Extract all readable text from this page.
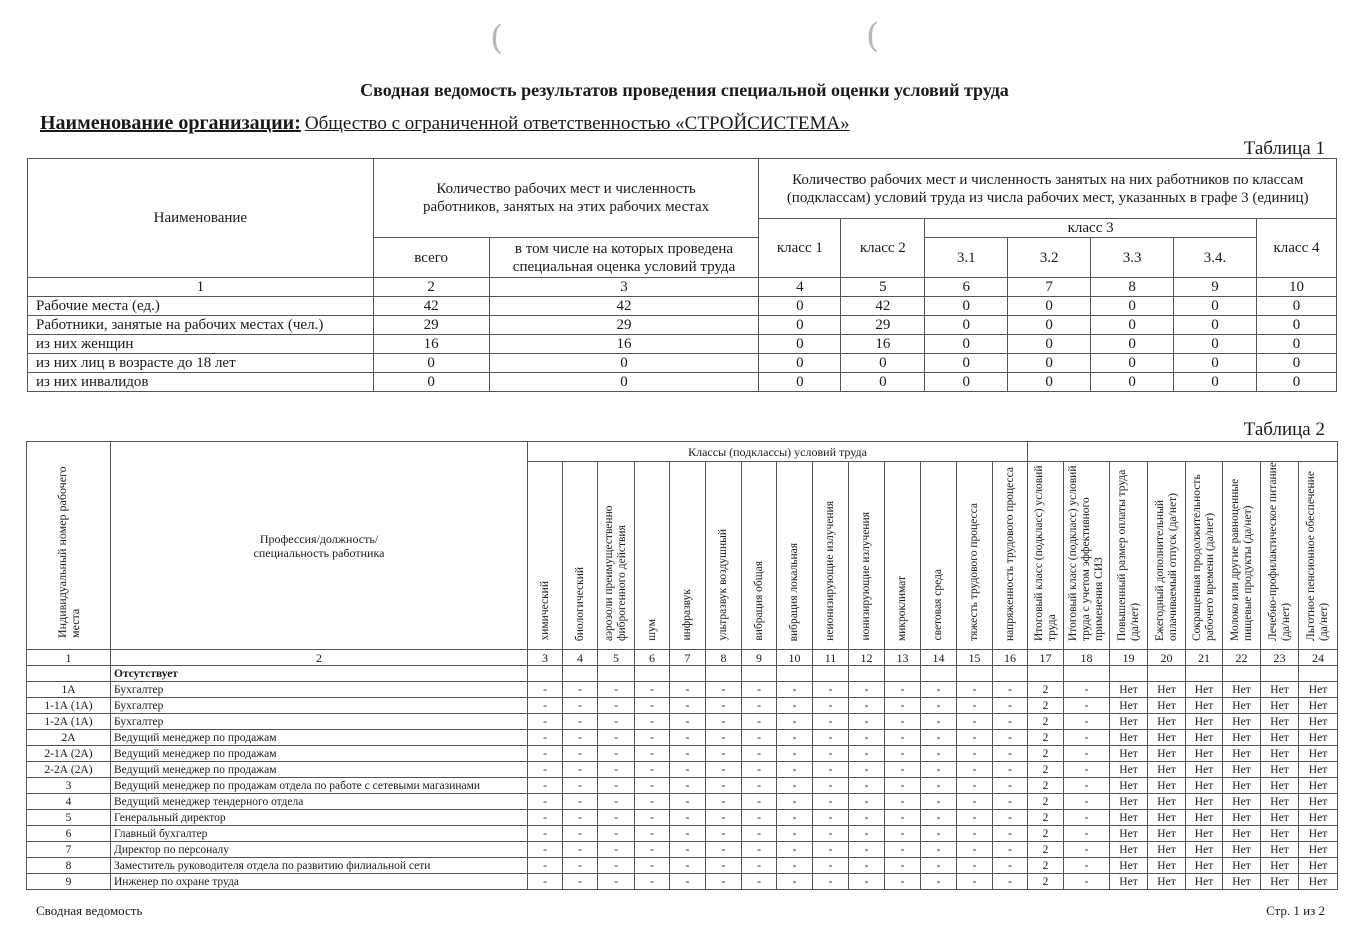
(	(
Сводная ведомость результатов проведения специальной оценки условий труда
Наименование организации: Общество с ограниченной ответственностью «СТРОЙСИСТЕМА»
Таблица 1
Наименование	Количество рабочих мест и численность работников, занятых на этих рабочих местах		Количество рабочих мест и численность занятых на них работников по классам (подклассам) условий труда из числа рабочих мест, указанных в графе 3 (единиц)						
			класс 1	класс 2	класс 3				класс 4
	всего	в том числе на которых проведена специальная оценка условий труда			3.1	3.2	3.3	3.4.	
1	2	3	4	5	6	7	8	9	10
Рабочие места (ед.)	42	42	0	42	0	0	0	0	0
Работники, занятые на рабочих местах (чел.)	29	29	0	29	0	0	0	0	0
из них женщин	16	16	0	16	0	0	0	0	0
из них лиц в возрасте до 18 лет	0	0	0	0	0	0	0	0	0
из них инвалидов	0	0	0	0	0	0	0	0	0
Таблица 2
Индивидуальный номер рабочего места	Профессия/должность/ специальность работника	Классы (подклассы) условий труда																					
		химический	биологический	аэрозоли преимущественно фиброгенного действия	шум	инфразвук	ультразвук воздушный	вибрация общая	вибрация локальная	неионизирующие излучения	ионизирующие излучения	микроклимат	световая среда	тяжесть трудового процесса	напряженность трудового процесса	Итоговый класс (подкласс) условий труда	Итоговый класс (подкласс) условий труда с учетом эффективного применения СИЗ	Повышенный размер оплаты труда (да/нет)	Ежегодный дополнительный оплачиваемый отпуск (да/нет)	Сокращенная продолжительность рабочего времени (да/нет)	Молоко или другие равноценные пищевые продукты (да/нет)	Лечебно-профилактическое питание (да/нет)	Льготное пенсионное обеспечение (да/нет)
1	2	3	4	5	6	7	8	9	10	11	12	13	14	15	16	17	18	19	20	21	22	23	24
	Отсутствует																						
1А	Бухгалтер	-	-	-	-	-	-	-	-	-	-	-	-	-	-	2	-	Нет	Нет	Нет	Нет	Нет	Нет
1-1А (1А)	Бухгалтер	-	-	-	-	-	-	-	-	-	-	-	-	-	-	2	-	Нет	Нет	Нет	Нет	Нет	Нет
1-2А (1А)	Бухгалтер	-	-	-	-	-	-	-	-	-	-	-	-	-	-	2	-	Нет	Нет	Нет	Нет	Нет	Нет
2А	Ведущий менеджер по продажам	-	-	-	-	-	-	-	-	-	-	-	-	-	-	2	-	Нет	Нет	Нет	Нет	Нет	Нет
2-1А (2А)	Ведущий менеджер по продажам	-	-	-	-	-	-	-	-	-	-	-	-	-	-	2	-	Нет	Нет	Нет	Нет	Нет	Нет
2-2А (2А)	Ведущий менеджер по продажам	-	-	-	-	-	-	-	-	-	-	-	-	-	-	2	-	Нет	Нет	Нет	Нет	Нет	Нет
3	Ведущий менеджер по продажам отдела по работе с сетевыми магазинами	-	-	-	-	-	-	-	-	-	-	-	-	-	-	2	-	Нет	Нет	Нет	Нет	Нет	Нет
4	Ведущий менеджер тендерного отдела	-	-	-	-	-	-	-	-	-	-	-	-	-	-	2	-	Нет	Нет	Нет	Нет	Нет	Нет
5	Генеральный директор	-	-	-	-	-	-	-	-	-	-	-	-	-	-	2	-	Нет	Нет	Нет	Нет	Нет	Нет
6	Главный бухгалтер	-	-	-	-	-	-	-	-	-	-	-	-	-	-	2	-	Нет	Нет	Нет	Нет	Нет	Нет
7	Директор по персоналу	-	-	-	-	-	-	-	-	-	-	-	-	-	-	2	-	Нет	Нет	Нет	Нет	Нет	Нет
8	Заместитель руководителя отдела по развитию филиальной сети	-	-	-	-	-	-	-	-	-	-	-	-	-	-	2	-	Нет	Нет	Нет	Нет	Нет	Нет
9	Инженер по охране труда	-	-	-	-	-	-	-	-	-	-	-	-	-	-	2	-	Нет	Нет	Нет	Нет	Нет	Нет
Сводная ведомость	Стр. 1 из 2
